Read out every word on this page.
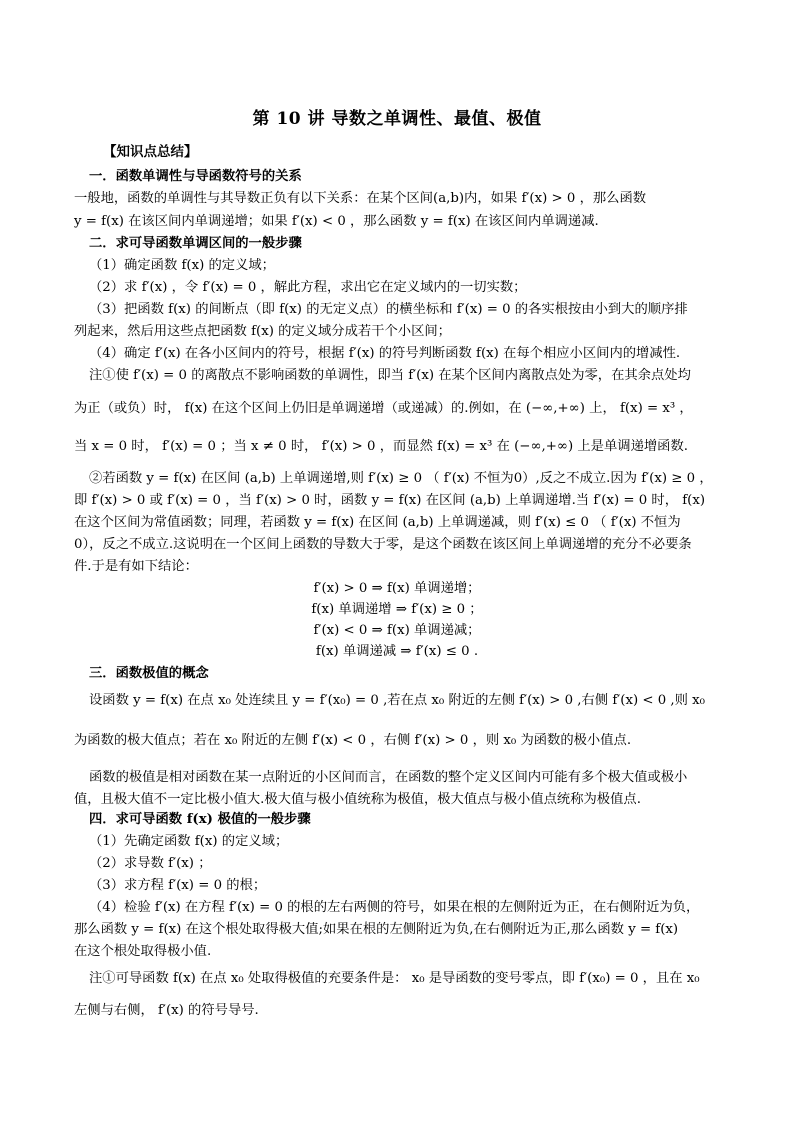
第 10 讲 导数之单调性、最值、极值
【知识点总结】
一．函数单调性与导函数符号的关系
一般地，函数的单调性与其导数正负有以下关系：在某个区间(a,b)内，如果 f′(x) > 0 ，那么函数
y = f(x) 在该区间内单调递增；如果 f′(x) < 0 ，那么函数 y = f(x) 在该区间内单调递减.
二．求可导函数单调区间的一般步骤
（1）确定函数 f(x) 的定义域；
（2）求 f′(x) ，令 f′(x) = 0 ，解此方程，求出它在定义域内的一切实数；
（3）把函数 f(x) 的间断点（即 f(x) 的无定义点）的横坐标和 f′(x) = 0 的各实根按由小到大的顺序排
列起来，然后用这些点把函数 f(x) 的定义域分成若干个小区间；
（4）确定 f′(x) 在各小区间内的符号，根据 f′(x) 的符号判断函数 f(x) 在每个相应小区间内的增减性.
注①使 f′(x) = 0 的离散点不影响函数的单调性，即当 f′(x) 在某个区间内离散点处为零，在其余点处均
为正（或负）时， f(x) 在这个区间上仍旧是单调递增（或递减）的.例如，在 (−∞,+∞) 上， f(x) = x³ ，
当 x = 0 时， f′(x) = 0 ；当 x ≠ 0 时， f′(x) > 0 ，而显然 f(x) = x³ 在 (−∞,+∞) 上是单调递增函数.
②若函数 y = f(x) 在区间 (a,b) 上单调递增,则 f′(x) ≥ 0 （ f′(x) 不恒为0）,反之不成立.因为 f′(x) ≥ 0 ，
即 f′(x) > 0 或 f′(x) = 0 ，当 f′(x) > 0 时，函数 y = f(x) 在区间 (a,b) 上单调递增.当 f′(x) = 0 时， f(x)
在这个区间为常值函数；同理，若函数 y = f(x) 在区间 (a,b) 上单调递减，则 f′(x) ≤ 0 （ f′(x) 不恒为
0），反之不成立.这说明在一个区间上函数的导数大于零，是这个函数在该区间上单调递增的充分不必要条
件.于是有如下结论：
f′(x) > 0 ⇒ f(x) 单调递增；
f(x) 单调递增 ⇒ f′(x) ≥ 0 ；
f′(x) < 0 ⇒ f(x) 单调递减；
f(x) 单调递减 ⇒ f′(x) ≤ 0 .
三．函数极值的概念
设函数 y = f(x) 在点 x₀ 处连续且 y = f′(x₀) = 0 ,若在点 x₀ 附近的左侧 f′(x) > 0 ,右侧 f′(x) < 0 ,则 x₀
为函数的极大值点；若在 x₀ 附近的左侧 f′(x) < 0 ，右侧 f′(x) > 0 ，则 x₀ 为函数的极小值点.
函数的极值是相对函数在某一点附近的小区间而言，在函数的整个定义区间内可能有多个极大值或极小
值，且极大值不一定比极小值大.极大值与极小值统称为极值，极大值点与极小值点统称为极值点.
四．求可导函数 f(x) 极值的一般步骤
（1）先确定函数 f(x) 的定义域；
（2）求导数 f′(x) ；
（3）求方程 f′(x) = 0 的根；
（4）检验 f′(x) 在方程 f′(x) = 0 的根的左右两侧的符号，如果在根的左侧附近为正，在右侧附近为负，
那么函数 y = f(x) 在这个根处取得极大值;如果在根的左侧附近为负,在右侧附近为正,那么函数 y = f(x)
在这个根处取得极小值.
注①可导函数 f(x) 在点 x₀ 处取得极值的充要条件是： x₀ 是导函数的变号零点，即 f′(x₀) = 0 ，且在 x₀
左侧与右侧， f′(x) 的符号导号.
